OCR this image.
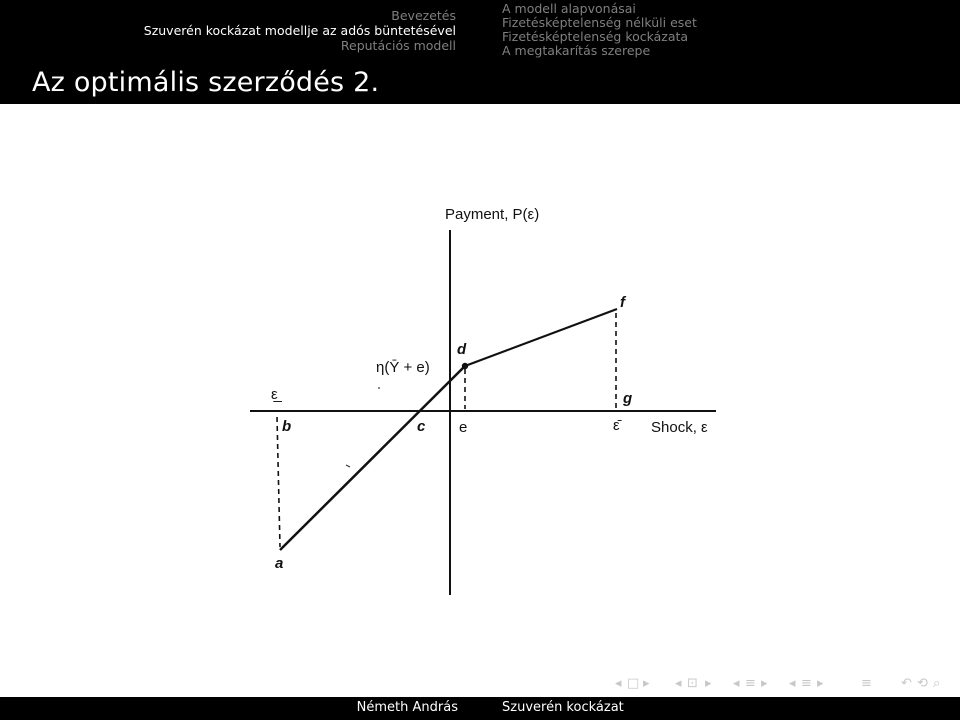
Bevezetés
Szuverén kockázat modellje az adós büntetésével
Reputációs modell
A modell alapvonásai
Fizetésképtelenség nélküli eset
Fizetésképtelenség kockázata
A megtakarítás szerepe
Az optimális szerződés 2.
Payment, P(ε)
Shock, ε
η(Ȳ + e)
ε̲
ε̄
e
a
b	c
d
f
g
◂ □ ▸ ◂ ⊡ ▸ ◂ ≡ ▸ ◂ ≡ ▸	≡ ↶ ⟲ ⌕
Németh András	Szuverén kockázat
